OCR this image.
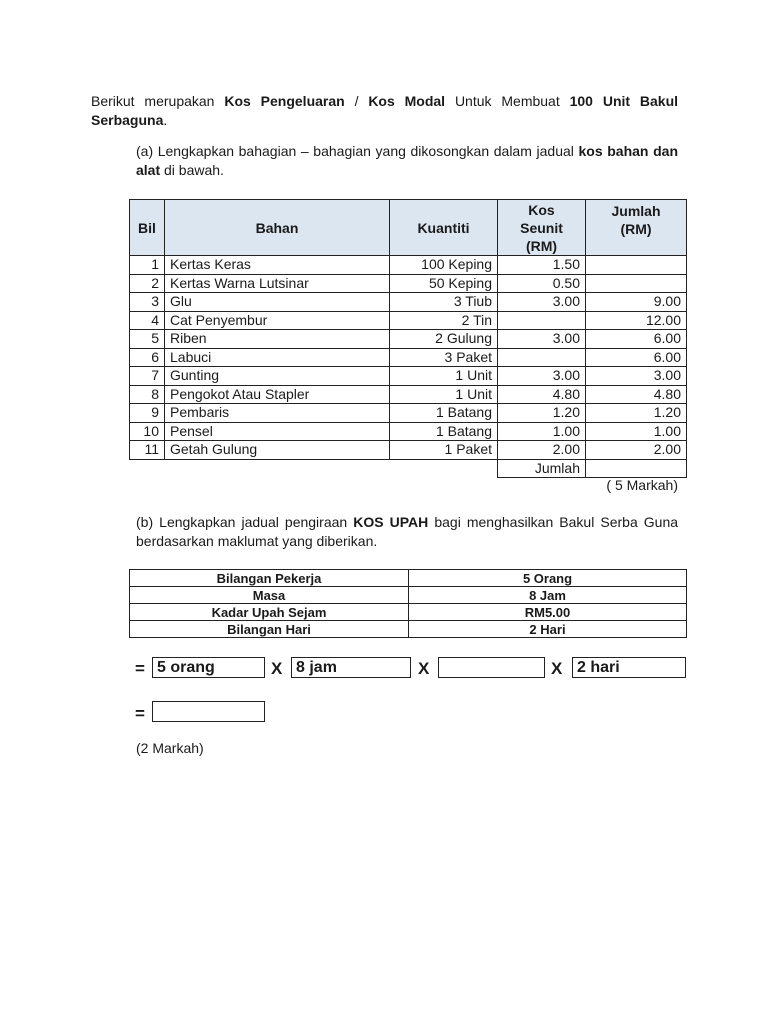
Berikut merupakan Kos Pengeluaran / Kos Modal Untuk Membuat 100 Unit Bakul
Serbaguna.
(a) Lengkapkan bahagian – bahagian yang dikosongkan dalam jadual kos bahan dan
alat di bawah.
Bil	Bahan	Kuantiti	Kos
Seunit
(RM)	Jumlah
(RM)
1	Kertas Keras	100 Keping	1.50	
2	Kertas Warna Lutsinar	50 Keping	0.50	
3	Glu	3 Tiub	3.00	9.00
4	Cat Penyembur	2 Tin		12.00
5	Riben	2 Gulung	3.00	6.00
6	Labuci	3 Paket		6.00
7	Gunting	1 Unit	3.00	3.00
8	Pengokot Atau Stapler	1 Unit	4.80	4.80
9	Pembaris	1 Batang	1.20	1.20
10	Pensel	1 Batang	1.00	1.00
11	Getah Gulung	1 Paket	2.00	2.00
			Jumlah	
( 5 Markah)
(b) Lengkapkan jadual pengiraan KOS UPAH bagi menghasilkan Bakul Serba Guna
berdasarkan maklumat yang diberikan.
Bilangan Pekerja	5 Orang
Masa	8 Jam
Kadar Upah Sejam	RM5.00
Bilangan Hari	2 Hari
= 5 orang	X 8 jam	X	X 2 hari
=
(2 Markah)
